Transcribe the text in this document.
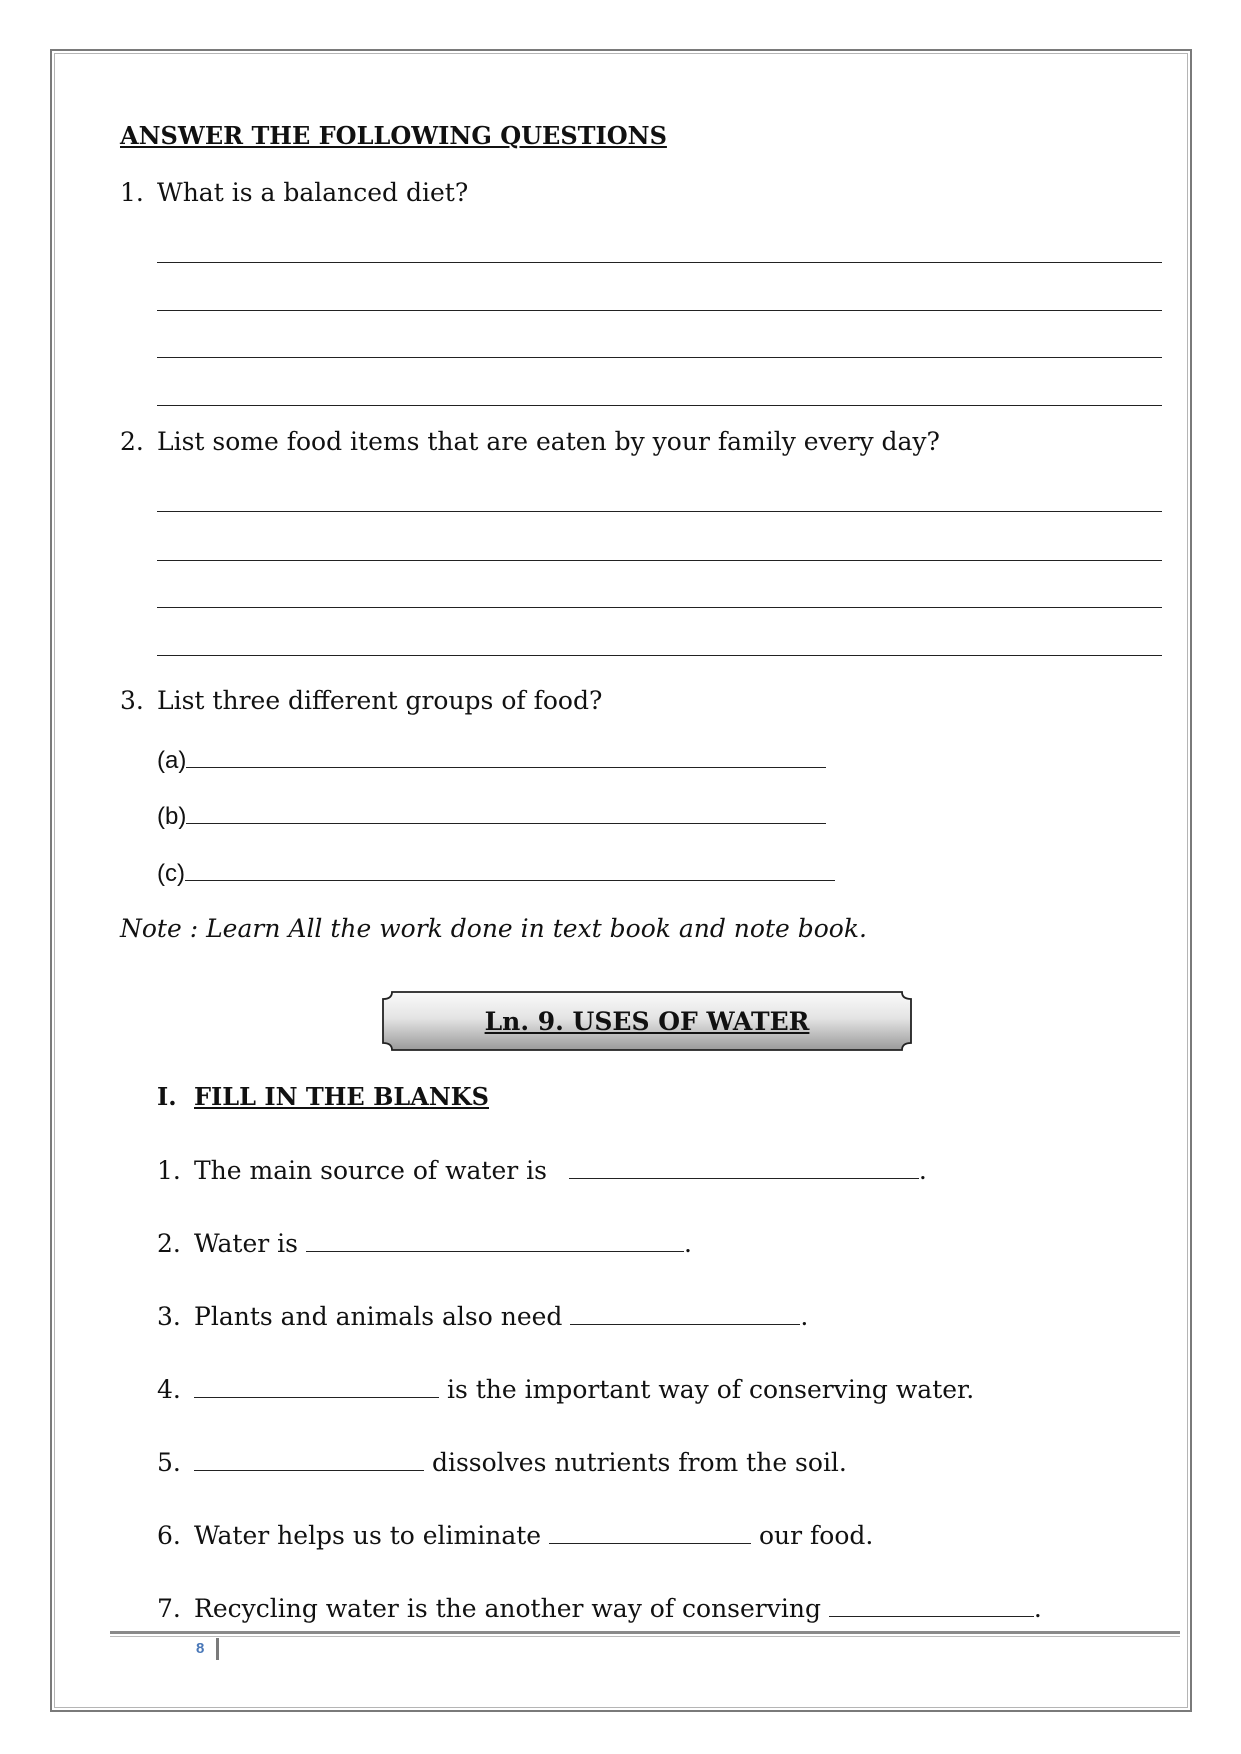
ANSWER THE FOLLOWING QUESTIONS
1. What is a balanced diet?
2. List some food items that are eaten by your family every day?
3. List three different groups of food?
(a)
(b)
(c)
Note : Learn All the work done in text book and note book.
Ln. 9. USES OF WATER
I. FILL IN THE BLANKS
1. The main source of water is	.
2. Water is	.
3. Plants and animals also need	.
4.	is the important way of conserving water.
5.	dissolves nutrients from the soil.
6. Water helps us to eliminate	our food.
7. Recycling water is the another way of conserving	.
8
